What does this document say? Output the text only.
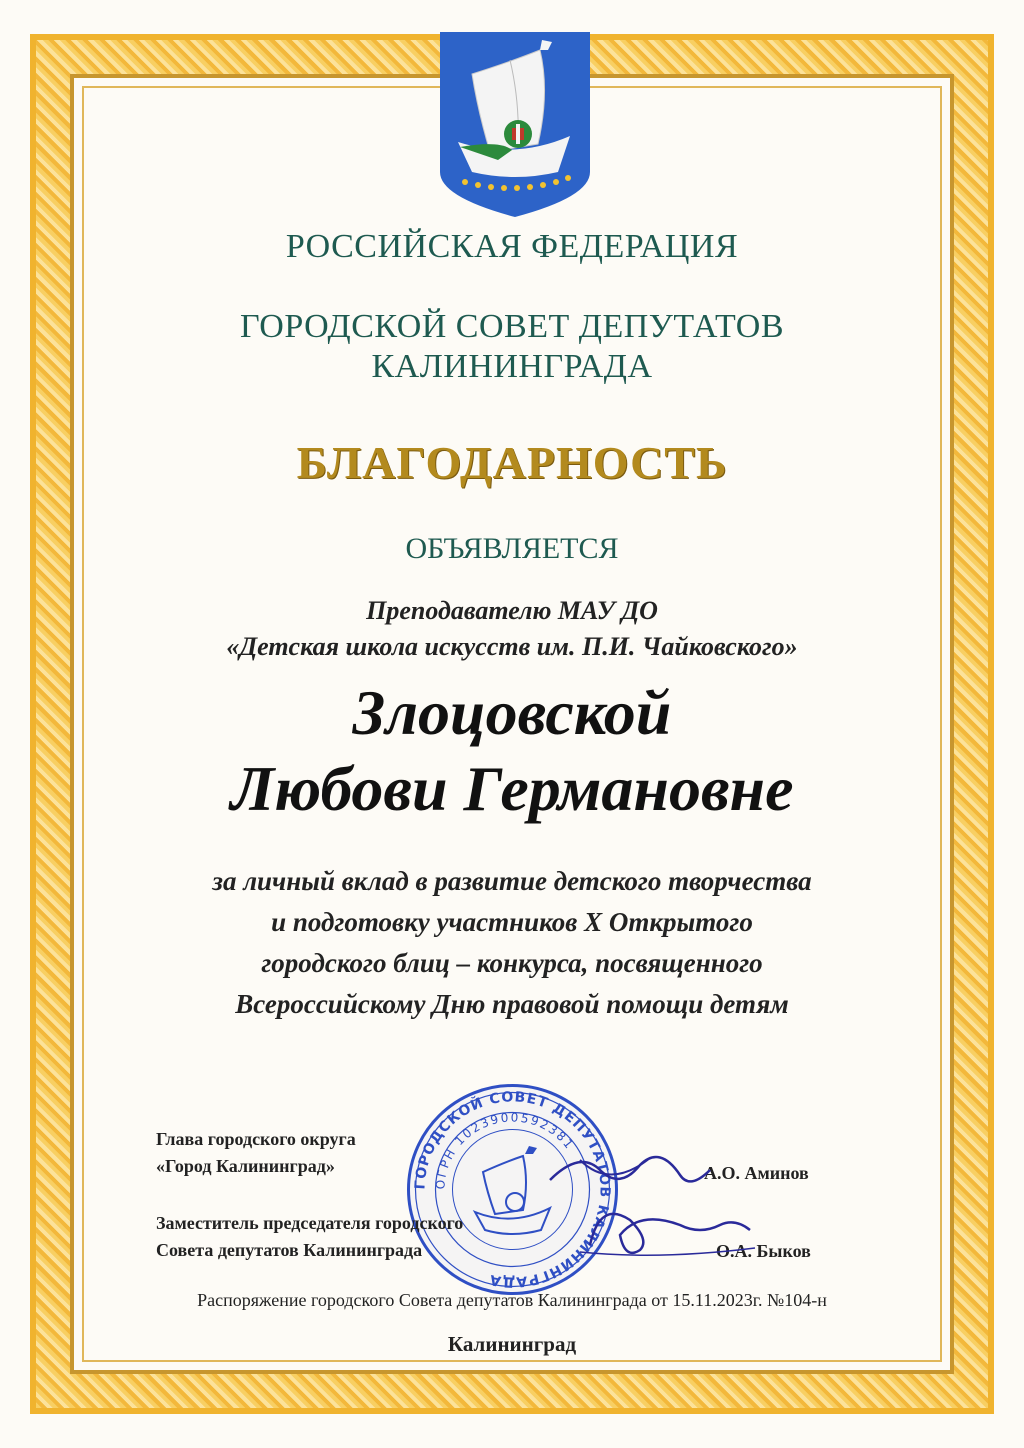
РОССИЙСКАЯ ФЕДЕРАЦИЯ
ГОРОДСКОЙ СОВЕТ ДЕПУТАТОВ
КАЛИНИНГРАДА
БЛАГОДАРНОСТЬ
ОБЪЯВЛЯЕТСЯ
Преподавателю МАУ ДО
«Детская школа искусств им. П.И. Чайковского»
Злоцовской
Любови Германовне
за личный вклад в развитие детского творчества
и подготовку участников Х Открытого
городского блиц – конкурса, посвященного
Всероссийскому Дню правовой помощи детям
ГОРОДСКОЙ СОВЕТ ДЕПУТАТОВ КАЛИНИНГРАДА
ОГРН 1023900592381
Глава городского округа
«Город Калининград»	А.О. Аминов
Заместитель председателя городского
Совета депутатов Калининграда	О.А. Быков
Распоряжение городского Совета депутатов Калининграда от 15.11.2023г. №104-н
Калининград
